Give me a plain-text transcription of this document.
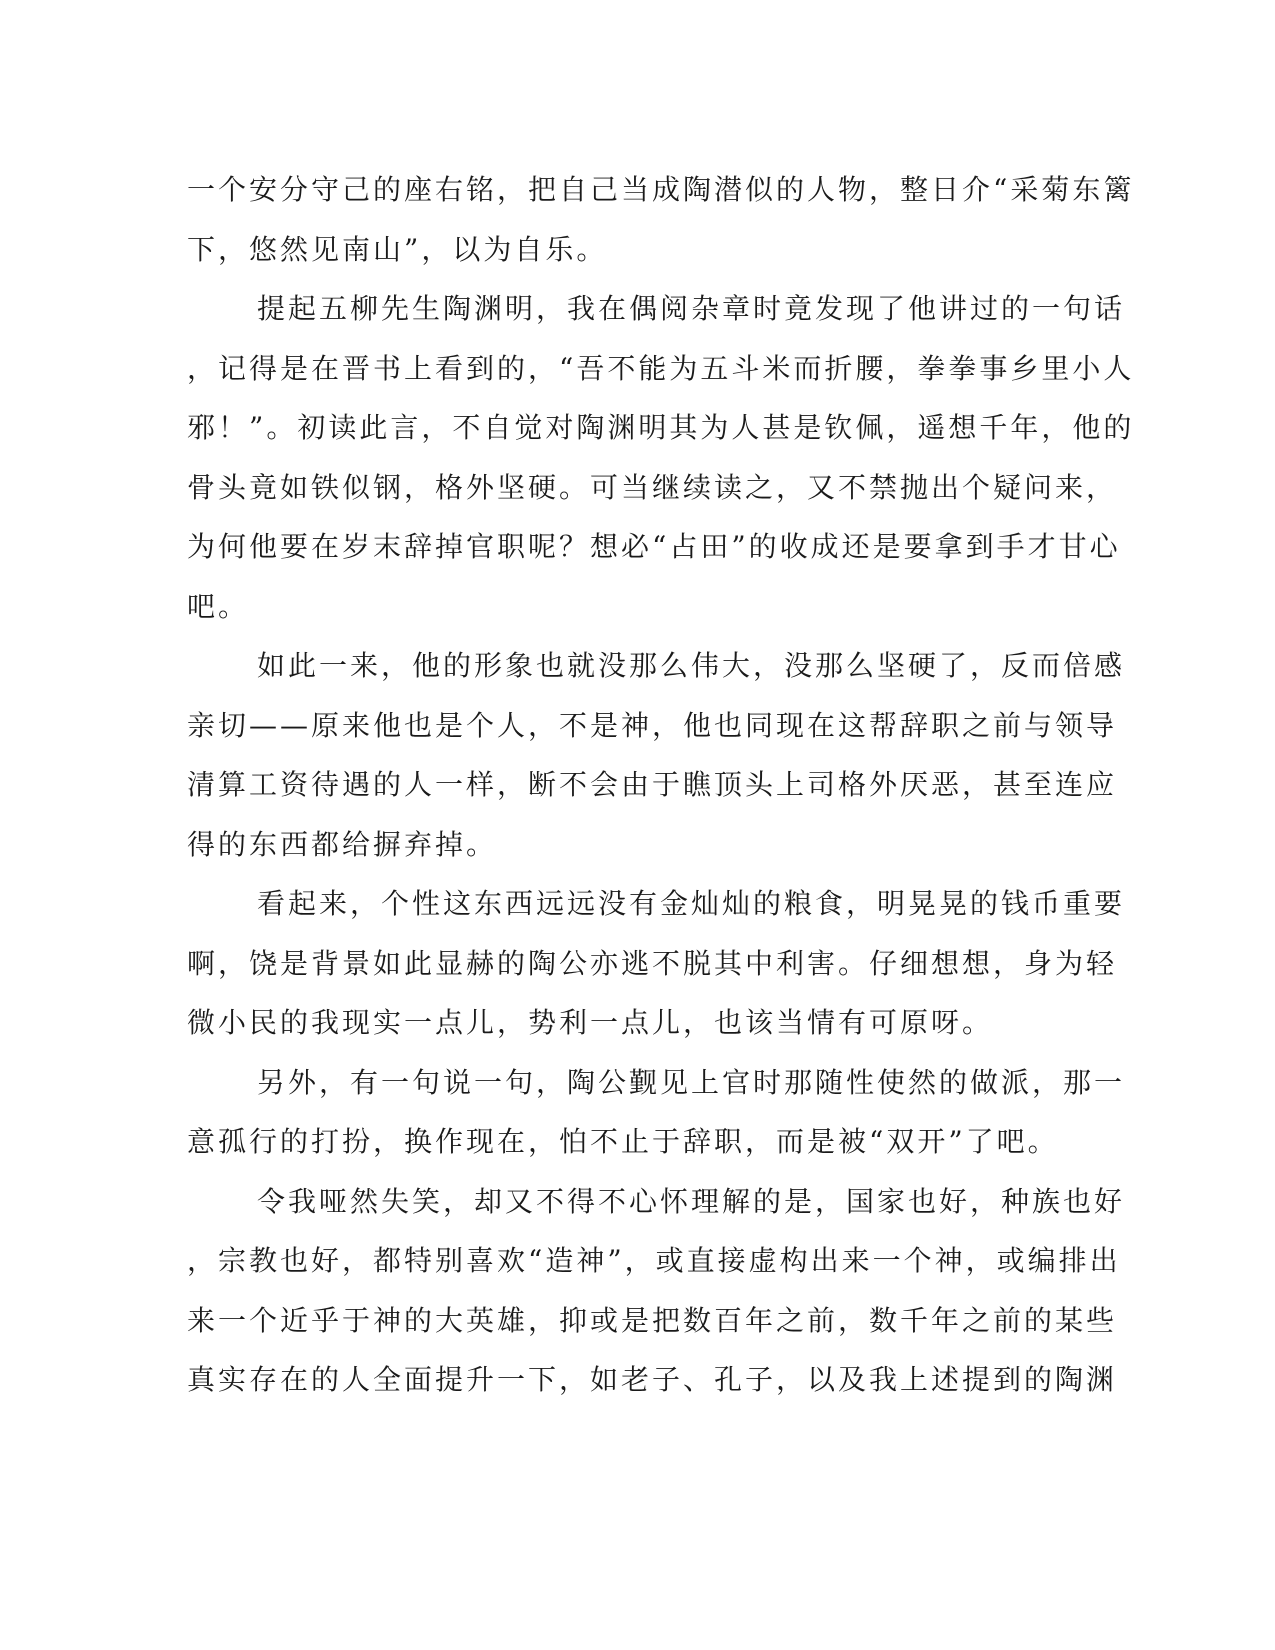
一个安分守己的座右铭，把自己当成陶潜似的人物，整日介“采菊东篱
下，悠然见南山”，以为自乐。
提起五柳先生陶渊明，我在偶阅杂章时竟发现了他讲过的一句话
，记得是在晋书上看到的，“吾不能为五斗米而折腰，拳拳事乡里小人
邪！”。初读此言，不自觉对陶渊明其为人甚是钦佩，遥想千年，他的
骨头竟如铁似钢，格外坚硬。可当继续读之，又不禁抛出个疑问来，
为何他要在岁末辞掉官职呢？想必“占田”的收成还是要拿到手才甘心
吧。
如此一来，他的形象也就没那么伟大，没那么坚硬了，反而倍感
亲切——原来他也是个人，不是神，他也同现在这帮辞职之前与领导
清算工资待遇的人一样，断不会由于瞧顶头上司格外厌恶，甚至连应
得的东西都给摒弃掉。
看起来，个性这东西远远没有金灿灿的粮食，明晃晃的钱币重要
啊，饶是背景如此显赫的陶公亦逃不脱其中利害。仔细想想，身为轻
微小民的我现实一点儿，势利一点儿，也该当情有可原呀。
另外，有一句说一句，陶公觐见上官时那随性使然的做派，那一
意孤行的打扮，换作现在，怕不止于辞职，而是被“双开”了吧。
令我哑然失笑，却又不得不心怀理解的是，国家也好，种族也好
，宗教也好，都特别喜欢“造神”，或直接虚构出来一个神，或编排出
来一个近乎于神的大英雄，抑或是把数百年之前，数千年之前的某些
真实存在的人全面提升一下，如老子、孔子，以及我上述提到的陶渊
